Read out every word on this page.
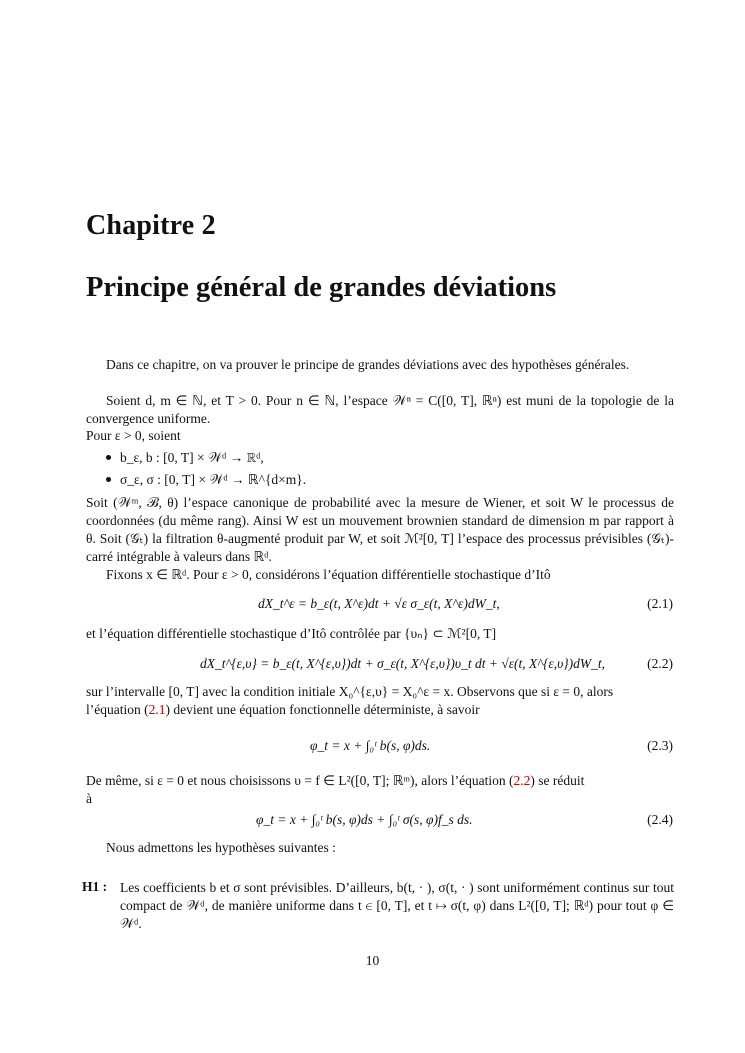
Chapitre 2
Principe général de grandes déviations
Dans ce chapitre, on va prouver le principe de grandes déviations avec des hypothèses générales.
Soient d, m ∈ ℕ, et T > 0. Pour n ∈ ℕ, l’espace 𝒲ⁿ = C([0, T], ℝⁿ) est muni de la topologie de la convergence uniforme.
Pour ε > 0, soient
b_ε, b : [0, T] × 𝒲ᵈ → ℝᵈ,
σ_ε, σ : [0, T] × 𝒲ᵈ → ℝ^{d×m}.
Soit (𝒲ᵐ, ℬ, θ) l’espace canonique de probabilité avec la mesure de Wiener, et soit W le processus de coordonnées (du même rang). Ainsi W est un mouvement brownien standard de dimension m par rapport à θ. Soit (𝒢ₜ) la filtration θ-augmenté produit par W, et soit ℳ²[0, T] l’espace des processus prévisibles (𝒢ₜ)-carré intégrable à valeurs dans ℝᵈ.
Fixons x ∈ ℝᵈ. Pour ε > 0, considérons l’équation différentielle stochastique d’Itô
dX_t^ε = b_ε(t, X^ε)dt + √ε σ_ε(t, X^ε)dW_t,	(2.1)
et l’équation différentielle stochastique d’Itô contrôlée par {υₙ} ⊂ ℳ²[0, T]
dX_t^{ε,υ} = b_ε(t, X^{ε,υ})dt + σ_ε(t, X^{ε,υ})υ_t dt + √ε(t, X^{ε,υ})dW_t,	(2.2)
sur l’intervalle [0, T] avec la condition initiale X₀^{ε,υ} = X₀^ε = x. Observons que si ε = 0, alors
l’équation (2.1) devient une équation fonctionnelle déterministe, à savoir
φ_t = x + ∫₀ᵗ b(s, φ)ds.	(2.3)
De même, si ε = 0 et nous choisissons υ = f ∈ L²([0, T]; ℝᵐ), alors l’équation (2.2) se réduit
à
φ_t = x + ∫₀ᵗ b(s, φ)ds + ∫₀ᵗ σ(s, φ)f_s ds.	(2.4)
Nous admettons les hypothèses suivantes :
H1 : Les coefficients b et σ sont prévisibles. D’ailleurs, b(t, · ), σ(t, · ) sont uniformément continus sur tout compact de 𝒲ᵈ, de manière uniforme dans t ∈ [0, T], et t ↦ σ(t, φ) dans L²([0, T]; ℝᵈ) pour tout φ ∈ 𝒲ᵈ.
10
